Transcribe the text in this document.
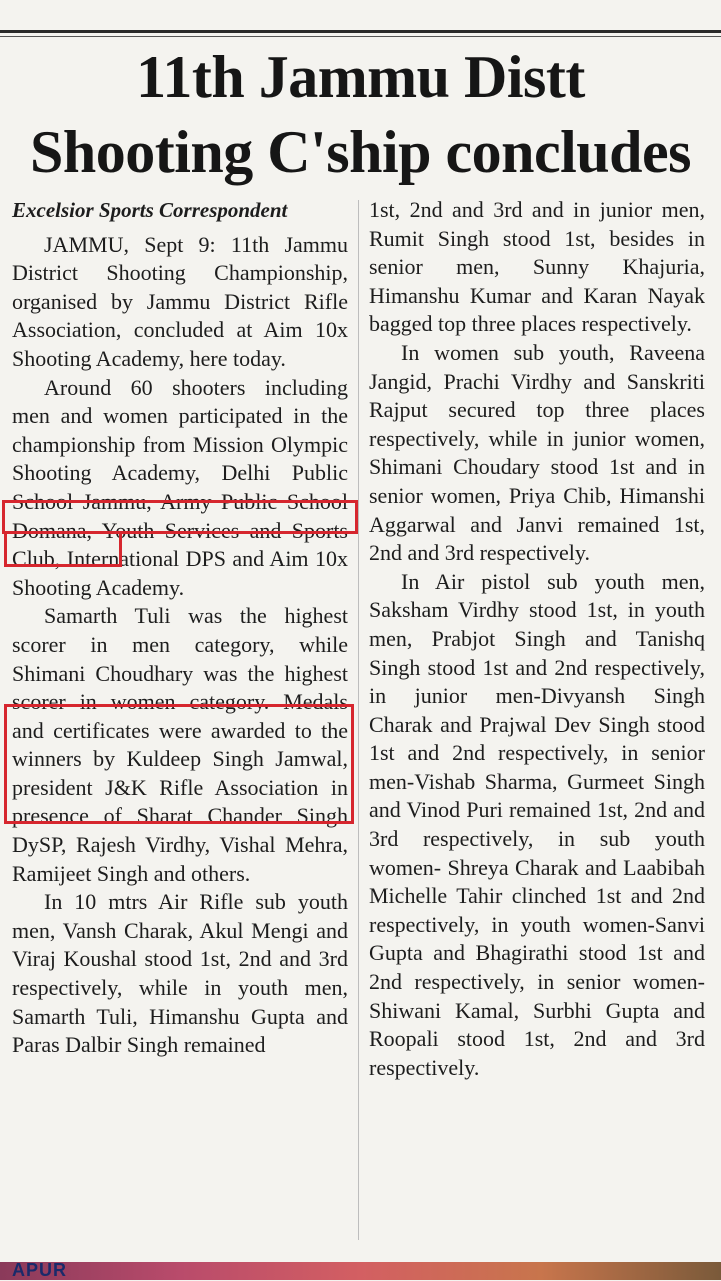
11th Jammu Distt
Shooting C'ship concludes

Excelsior Sports Correspondent

JAMMU, Sept 9: 11th Jammu District Shooting Championship, organised by Jammu District Rifle Association, concluded at Aim 10x Shooting Academy, here today.

Around 60 shooters including men and women participated in the championship from Mission Olympic Shooting Academy, Delhi Public School Jammu, Army Public School Domana, Youth Services and Sports Club, International DPS and Aim 10x Shooting Academy.

Samarth Tuli was the highest scorer in men category, while Shimani Choudhary was the highest scorer in women category. Medals and certificates were awarded to the winners by Kuldeep Singh Jamwal, president J&K Rifle Association in presence of Sharat Chander Singh DySP, Rajesh Virdhy, Vishal Mehra, Ramijeet Singh and others.

In 10 mtrs Air Rifle sub youth men, Vansh Charak, Akul Mengi and Viraj Koushal stood 1st, 2nd and 3rd respectively, while in youth men, Samarth Tuli, Himanshu Gupta and Paras Dalbir Singh remained

1st, 2nd and 3rd and in junior men, Rumit Singh stood 1st, besides in senior men, Sunny Khajuria, Himanshu Kumar and Karan Nayak bagged top three places respectively.

In women sub youth, Raveena Jangid, Prachi Virdhy and Sanskriti Rajput secured top three places respectively, while in junior women, Shimani Choudary stood 1st and in senior women, Priya Chib, Himanshi Aggarwal and Janvi remained 1st, 2nd and 3rd respectively.

In Air pistol sub youth men, Saksham Virdhy stood 1st, in youth men, Prabjot Singh and Tanishq Singh stood 1st and 2nd respectively, in junior men-Divyansh Singh Charak and Prajwal Dev Singh stood 1st and 2nd respectively, in senior men-Vishab Sharma, Gurmeet Singh and Vinod Puri remained 1st, 2nd and 3rd respectively, in sub youth women- Shreya Charak and Laabibah Michelle Tahir clinched 1st and 2nd respectively, in youth women-Sanvi Gupta and Bhagirathi stood 1st and 2nd respectively, in senior women-Shiwani Kamal, Surbhi Gupta and Roopali stood 1st, 2nd and 3rd respectively.

APUR
